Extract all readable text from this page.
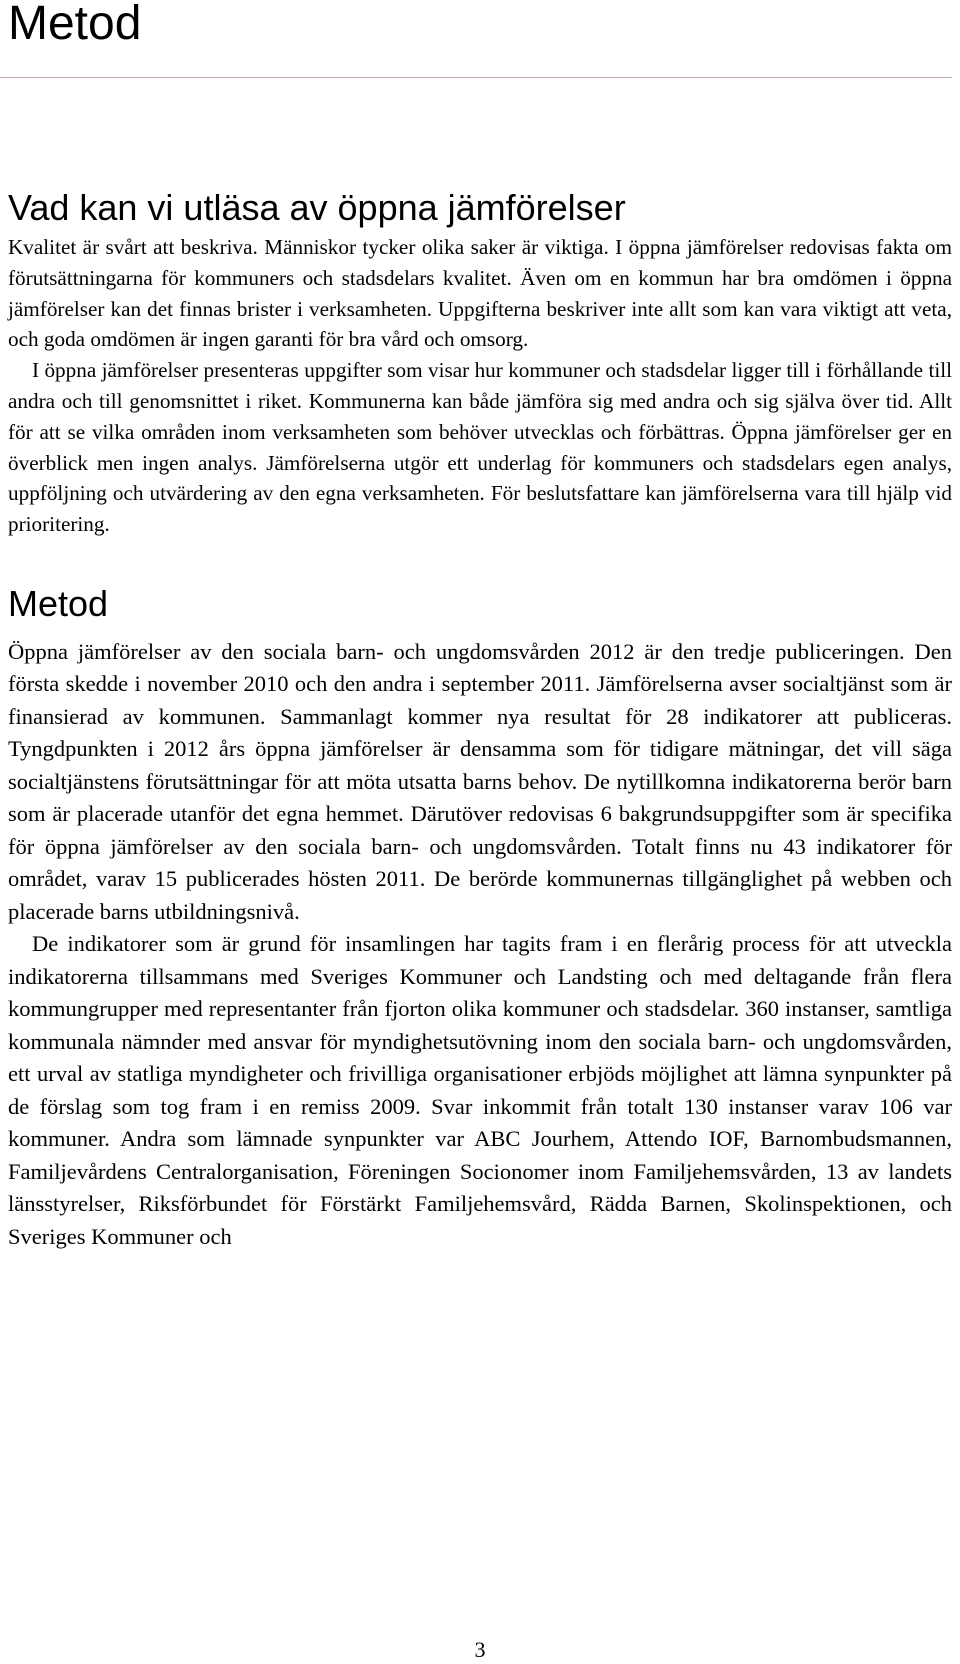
Metod
Vad kan vi utläsa av öppna jämförelser

Kvalitet är svårt att beskriva. Människor tycker olika saker är viktiga. I öppna jämförelser redovisas fakta om förutsättningarna för kommuners och stadsdelars kvalitet. Även om en kommun har bra omdömen i öppna jämförelser kan det finnas brister i verksamheten. Uppgifterna beskriver inte allt som kan vara viktigt att veta, och goda omdömen är ingen garanti för bra vård och omsorg.

I öppna jämförelser presenteras uppgifter som visar hur kommuner och stadsdelar ligger till i förhållande till andra och till genomsnittet i riket. Kommunerna kan både jämföra sig med andra och sig själva över tid. Allt för att se vilka områden inom verksamheten som behöver utvecklas och förbättras. Öppna jämförelser ger en överblick men ingen analys. Jämförelserna utgör ett underlag för kommuners och stadsdelars egen analys, uppföljning och utvärdering av den egna verksamheten. För beslutsfattare kan jämförelserna vara till hjälp vid prioritering.

Metod

Öppna jämförelser av den sociala barn- och ungdomsvården 2012 är den tredje publiceringen. Den första skedde i november 2010 och den andra i september 2011. Jämförelserna avser socialtjänst som är finansierad av kommunen. Sammanlagt kommer nya resultat för 28 indikatorer att publiceras. Tyngdpunkten i 2012 års öppna jämförelser är densamma som för tidigare mätningar, det vill säga socialtjänstens förutsättningar för att möta utsatta barns behov. De nytillkomna indikatorerna berör barn som är placerade utanför det egna hemmet. Därutöver redovisas 6 bakgrundsuppgifter som är specifika för öppna jämförelser av den sociala barn- och ungdomsvården. Totalt finns nu 43 indikatorer för området, varav 15 publicerades hösten 2011. De berörde kommunernas tillgänglighet på webben och placerade barns utbildningsnivå.

De indikatorer som är grund för insamlingen har tagits fram i en flerårig process för att utveckla indikatorerna tillsammans med Sveriges Kommuner och Landsting och med deltagande från flera kommungrupper med representanter från fjorton olika kommuner och stadsdelar. 360 instanser, samtliga kommunala nämnder med ansvar för myndighetsutövning inom den sociala barn- och ungdomsvården, ett urval av statliga myndigheter och frivilliga organisationer erbjöds möjlighet att lämna synpunkter på de förslag som tog fram i en remiss 2009. Svar inkommit från totalt 130 instanser varav 106 var kommuner. Andra som lämnade synpunkter var ABC Jourhem, Attendo IOF, Barnombudsmannen, Familjevårdens Centralorganisation, Föreningen Socionomer inom Familjehemsvården, 13 av landets länsstyrelser, Riksförbundet för Förstärkt Familjehemsvård, Rädda Barnen, Skolinspektionen, och Sveriges Kommuner och

3
